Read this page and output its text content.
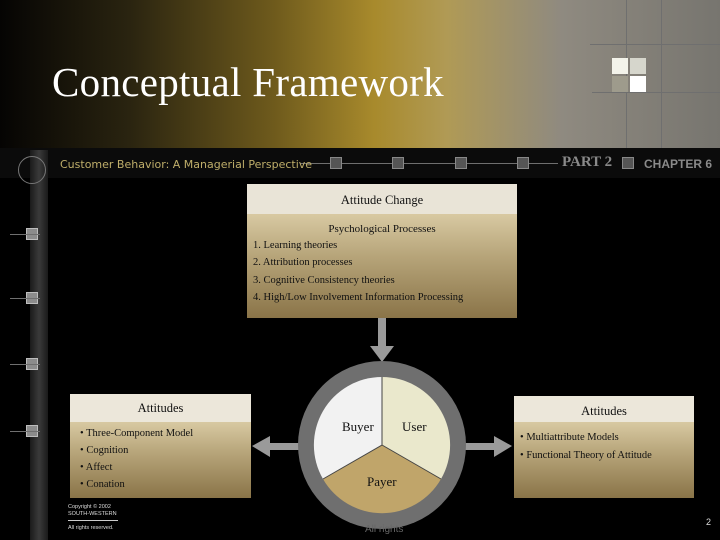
Conceptual Framework
Customer Behavior: A Managerial Perspective	PART 2	CHAPTER 6
Attitude Change
Psychological Processes
1. Learning theories
2. Attribution processes
3. Cognitive Consistency theories
4. High/Low Involvement Information Processing
Attitudes
• Three-Component Model
• Cognition
• Affect
• Conation
Attitudes
• Multiattribute Models
• Functional Theory of Attitude
Buyer User
Payer
Copyright © 2002
SOUTH-WESTERN
All rights reserved.	All rights
2
